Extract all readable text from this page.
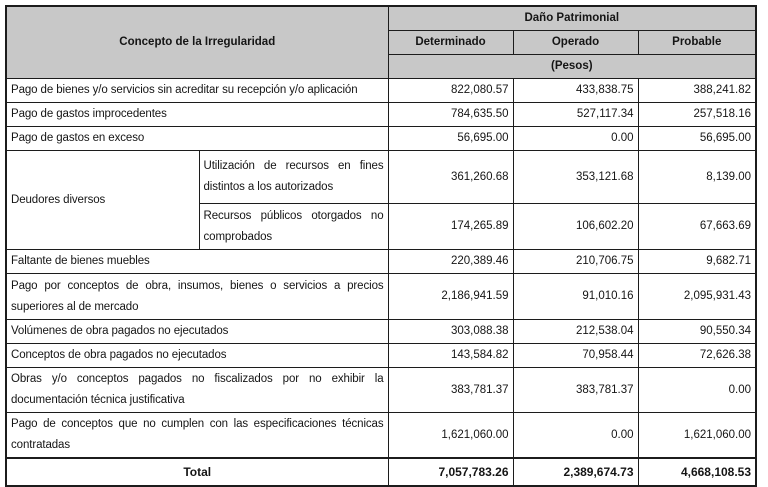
Concepto de la Irregularidad		Daño Patrimonial		
		Determinado	Operado	Probable
		(Pesos)		
Pago de bienes y/o servicios sin acreditar su recepción y/o aplicación		822,080.57	433,838.75	388,241.82
Pago de gastos improcedentes		784,635.50	527,117.34	257,518.16
Pago de gastos en exceso		56,695.00	0.00	56,695.00
Deudores diversos	Utilización de recursos en fines distintos a los autorizados	361,260.68	353,121.68	8,139.00
	Recursos públicos otorgados no comprobados	174,265.89	106,602.20	67,663.69
Faltante de bienes muebles		220,389.46	210,706.75	9,682.71
Pago por conceptos de obra, insumos, bienes o servicios a precios superiores al de mercado		2,186,941.59	91,010.16	2,095,931.43
Volúmenes de obra pagados no ejecutados		303,088.38	212,538.04	90,550.34
Conceptos de obra pagados no ejecutados		143,584.82	70,958.44	72,626.38
Obras y/o conceptos pagados no fiscalizados por no exhibir la documentación técnica justificativa		383,781.37	383,781.37	0.00
Pago de conceptos que no cumplen con las especificaciones técnicas contratadas		1,621,060.00	0.00	1,621,060.00
Total		7,057,783.26	2,389,674.73	4,668,108.53
